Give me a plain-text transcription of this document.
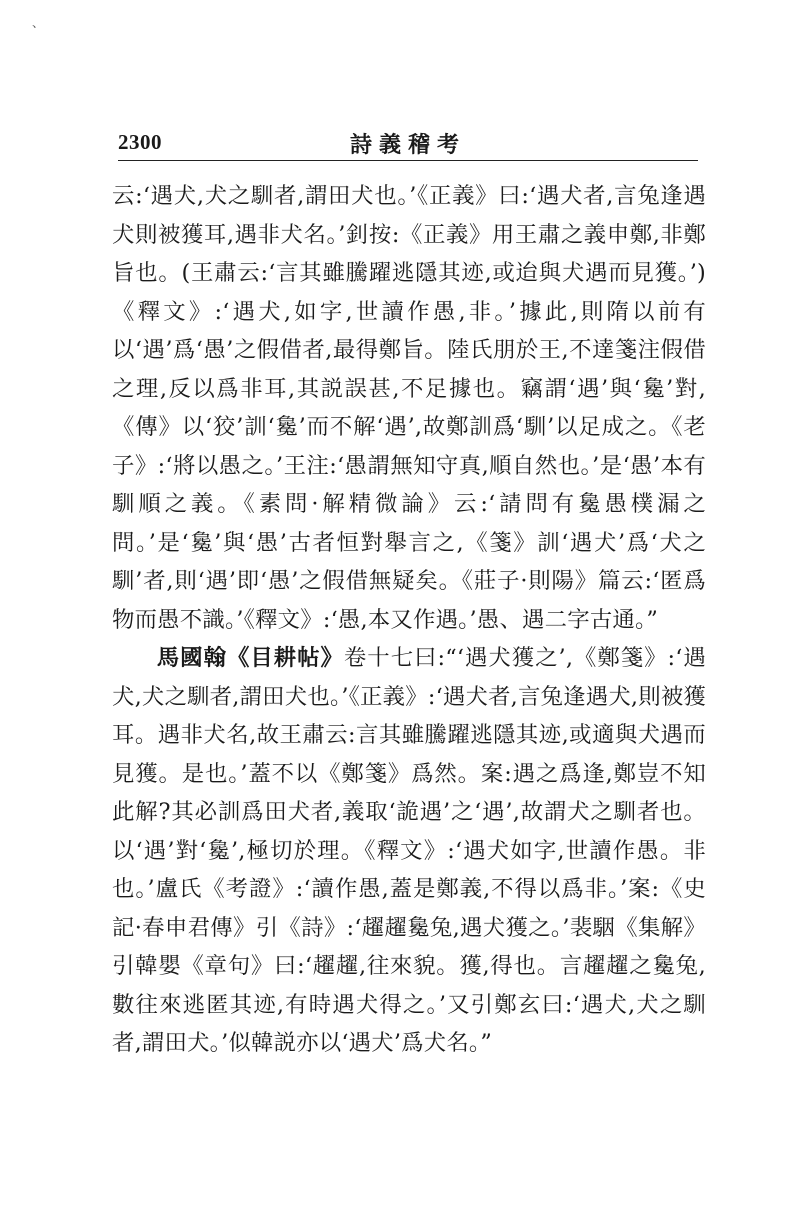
、
2300	詩義稽考

云:‘遇犬,犬之馴者,謂田犬也。’《正義》曰:‘遇犬者,言兔逢遇犬則被獲耳,遇非犬名。’釗按:《正義》用王肅之義申鄭,非鄭旨也。(王肅云:‘言其雖騰躍逃隱其迹,或迨與犬遇而見獲。’)《釋文》:‘遇犬,如字,世讀作愚,非。’據此,則隋以前有以‘遇’爲‘愚’之假借者,最得鄭旨。陸氏朋於王,不達箋注假借之理,反以爲非耳,其説誤甚,不足據也。竊謂‘遇’與‘毚’對,《傳》以‘狡’訓‘毚’而不解‘遇’,故鄭訓爲‘馴’以足成之。《老子》:‘將以愚之。’王注:‘愚謂無知守真,順自然也。’是‘愚’本有馴順之義。《素問·解精微論》云:‘請問有毚愚樸漏之問。’是‘毚’與‘愚’古者恒對舉言之,《箋》訓‘遇犬’爲‘犬之馴’者,則‘遇’即‘愚’之假借無疑矣。《莊子·則陽》篇云:‘匿爲物而愚不識。’《釋文》:‘愚,本又作遇。’愚、遇二字古通。”

馬國翰《目耕帖》卷十七曰:“‘遇犬獲之’,《鄭箋》:‘遇犬,犬之馴者,謂田犬也。’《正義》:‘遇犬者,言兔逢遇犬,則被獲耳。遇非犬名,故王肅云:言其雖騰躍逃隱其迹,或適與犬遇而見獲。是也。’蓋不以《鄭箋》爲然。案:遇之爲逢,鄭豈不知此解?其必訓爲田犬者,義取‘詭遇’之‘遇’,故謂犬之馴者也。以‘遇’對‘毚’,極切於理。《釋文》:‘遇犬如字,世讀作愚。非也。’盧氏《考證》:‘讀作愚,蓋是鄭義,不得以爲非。’案:《史記·春申君傳》引《詩》:‘趯趯毚兔,遇犬獲之。’裴駰《集解》引韓嬰《章句》曰:‘趯趯,往來貌。獲,得也。言趯趯之毚兔,數往來逃匿其迹,有時遇犬得之。’又引鄭玄曰:‘遇犬,犬之馴者,謂田犬。’似韓説亦以‘遇犬’爲犬名。”
